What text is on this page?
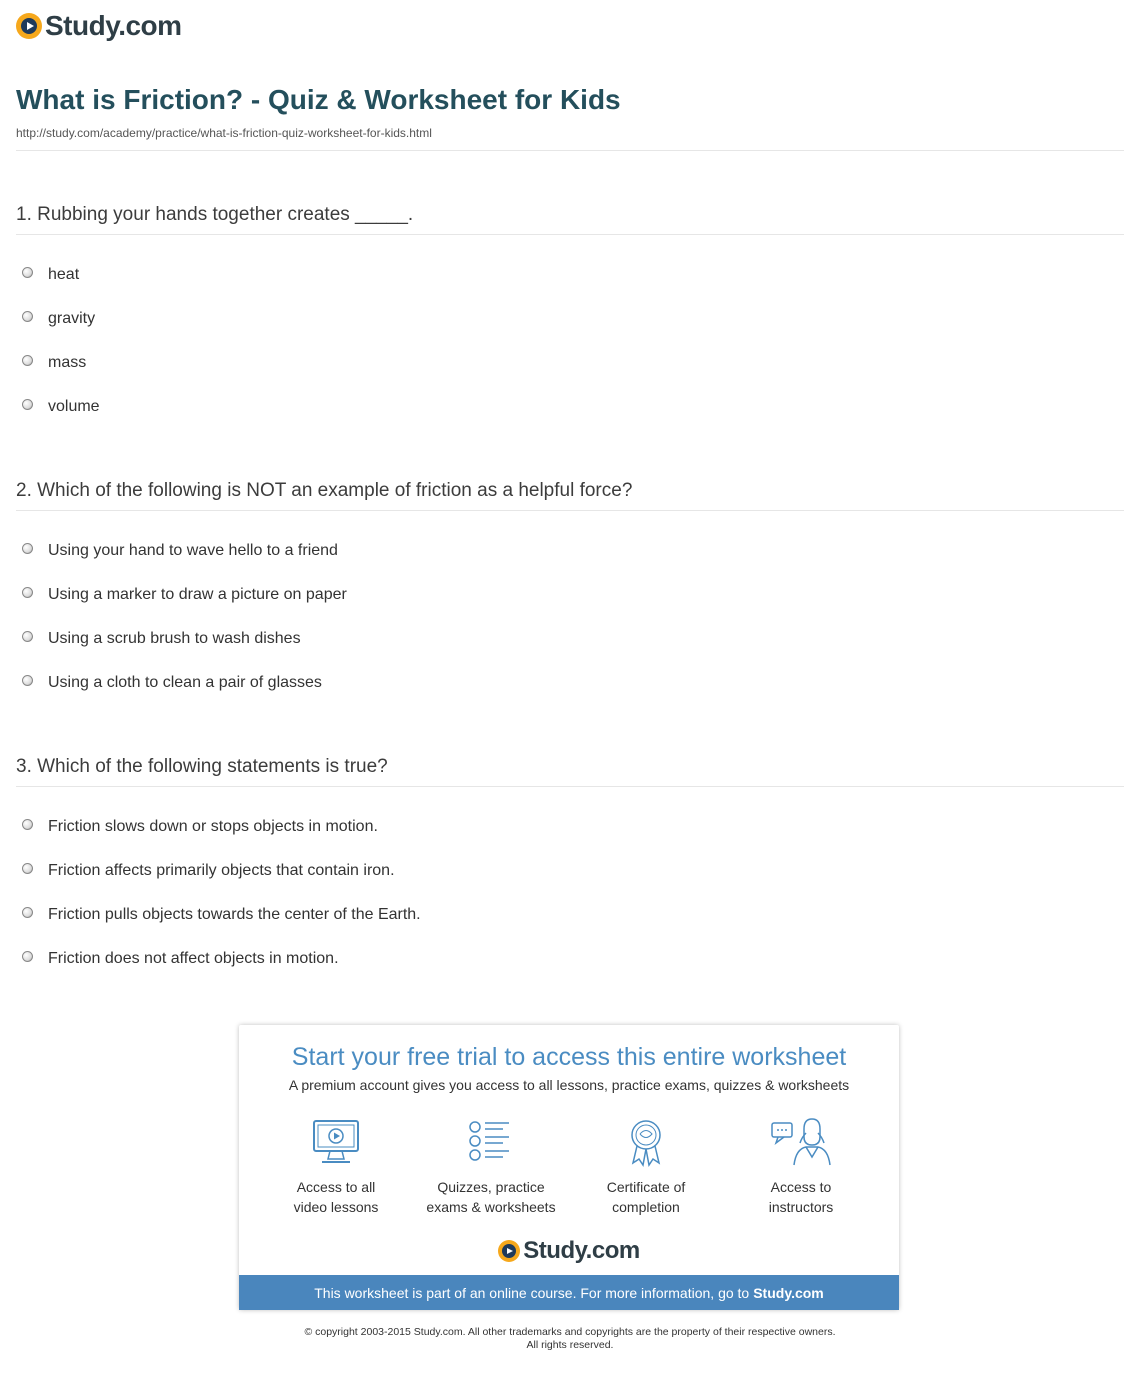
Study.com
What is Friction? - Quiz & Worksheet for Kids
http://study.com/academy/practice/what-is-friction-quiz-worksheet-for-kids.html
1. Rubbing your hands together creates _____.
heat
gravity
mass
volume
2. Which of the following is NOT an example of friction as a helpful force?
Using your hand to wave hello to a friend
Using a marker to draw a picture on paper
Using a scrub brush to wash dishes
Using a cloth to clean a pair of glasses
3. Which of the following statements is true?
Friction slows down or stops objects in motion.
Friction affects primarily objects that contain iron.
Friction pulls objects towards the center of the Earth.
Friction does not affect objects in motion.
Start your free trial to access this entire worksheet
A premium account gives you access to all lessons, practice exams, quizzes & worksheets
Access to all
video lessons
Quizzes, practice
exams & worksheets
Certificate of
completion
Access to
instructors
Study.com
This worksheet is part of an online course. For more information, go to Study.com
© copyright 2003-2015 Study.com. All other trademarks and copyrights are the property of their respective owners.
All rights reserved.
